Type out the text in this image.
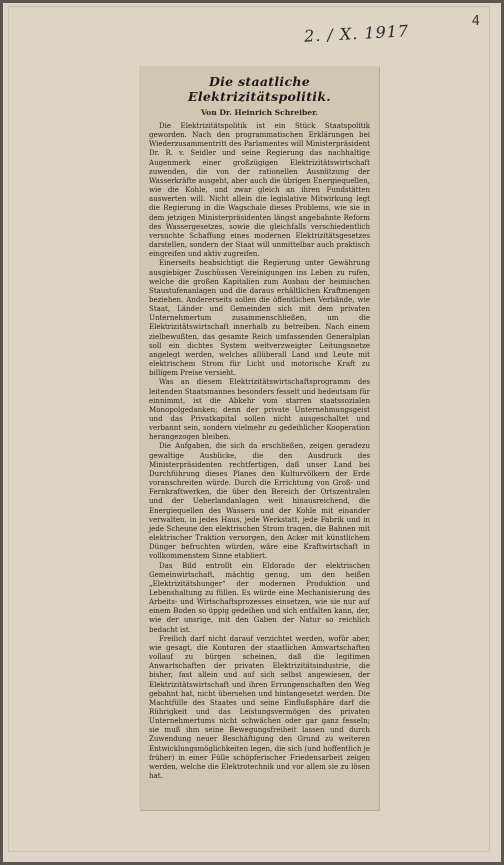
4
2. / X. 1917
Die staatliche Elektrizitätspolitik.
Von Dr. Heinrich Schreiber.

Die Elektrizitätspolitik ist ein Stück Staatspolitik geworden. Nach den programmatischen Erklärungen bei Wiederzusammentritt des Parlamentes will Ministerpräsident Dr. R. v. Seidler und seine Regierung das nachhaltige Augenmerk einer großzügigen Elektrizitätswirtschaft zuwenden, die von der rationellen Ausnützung der Wasserkräfte ausgeht, aber auch die übrigen Energiequellen, wie die Kohle, und zwar gleich an ihren Fundstätten auswerten will. Nicht allein die legislative Mitwirkung legt die Regierung in die Wagschale dieses Problems, wie sie in dem jetzigen Ministerpräsidenten längst angebahnte Reform des Wassergesetzes, sowie die gleichfalls verschiedentlich versuchte Schaffung eines modernen Elektrizitätsgesetzes darstellen, sondern der Staat will unmittelbar auch praktisch eingreifen und aktiv zugreifen.

Einerseits beabsichtigt die Regierung unter Gewährung ausgiebiger Zuschüssen Vereinigungen ins Leben zu rufen, welche die großen Kapitalien zum Ausbau der heimischen Staustufenanlagen und die daraus erhältlichen Kraftmengen beziehen. Andererseits sollen die öffentlichen Verbände, wie Staat, Länder und Gemeinden sich mit dem privaten Unternehmertum zusammenschließen, um die Elektrizitätswirtschaft innerhalb zu betreiben. Nach einem zielbewußten, das gesamte Reich umfassenden Generalplan soll ein dichtes System weitverzweigter Leitungsnetze angelegt werden, welches allüberall Land und Leute mit elektrischem Strom für Licht und motorische Kraft zu billigem Preise versieht.

Was an diesem Elektrizitätswirtschaftsprogramm des leitenden Staatsmannes besonders fesselt und bedeutsam für einnimmt, ist die Abkehr vom starren staatssozialen Monopolgedanken; denn der private Unternehmungsgeist und das Privatkapital sollen nicht ausgeschaltet und verbannt sein, sondern vielmehr zu gedeihlicher Kooperation herangezogen bleiben.

Die Aufgaben, die sich da erschließen, zeigen geradezu gewaltige Ausblicke, die den Ausdruck des Ministerpräsidenten rechtfertigen, daß unser Land bei Durchführung dieses Planes den Kulturvölkern der Erde voranschreiten würde. Durch die Errichtung von Groß- und Fernkraftwerken, die über den Bereich der Ortszentralen und der Ueberlandanlagen weit hinausreichend, die Energiequellen des Wassers und der Kohle mit einander verwalten, in jedes Haus, jede Werkstatt, jede Fabrik und in jede Scheune den elektrischen Strom tragen, die Bahnen mit elektrischer Traktion versorgen, den Acker mit künstlichem Dünger befruchten würden, wäre eine Kraftwirtschaft in vollkommenstem Sinne etabliert.

Das Bild entrollt ein Eldorado der elektrischen Gemeinwirtschaft, mächtig genug, um den heißen „Elektrizitätshunger“ der modernen Produktion und Lebenshaltung zu füllen. Es würde eine Mechanisierung des Arbeits- und Wirtschaftsprozesses einsetzen, wie sie nur auf einem Boden so üppig gedeihen und sich entfalten kann, der, wie der unsrige, mit den Gaben der Natur so reichlich bedacht ist.

Freilich darf nicht darauf verzichtet werden, wofür aber, wie gesagt, die Konturen der staatlichen Amwartschaften vollauf zu bürgen scheinen, daß die legitimen Anwartschaften der privaten Elektrizitätsindustrie, die bisher, fast allein und auf sich selbst angewiesen, der Elektrizitätswirtschaft und ihren Errungenschaften den Weg gebahnt hat, nicht übersehen und hintangesetzt werden. Die Machtfülle des Staates und seine Einflußsphäre darf die Rührigkeit und das Leistungsvermögen des privaten Unternehmertums nicht schwächen oder gar ganz fesseln; sie muß ihm seine Bewegungsfreiheit lassen und durch Zuwendung neuer Beschäftigung den Grund zu weiteren Entwicklungsmöglichkeiten legen, die sich (und hoffentlich je früher) in einer Fülle schöpferischer Friedensarbeit zeigen werden, welche die Elektrotechnik und vor allem sie zu lösen hat.
